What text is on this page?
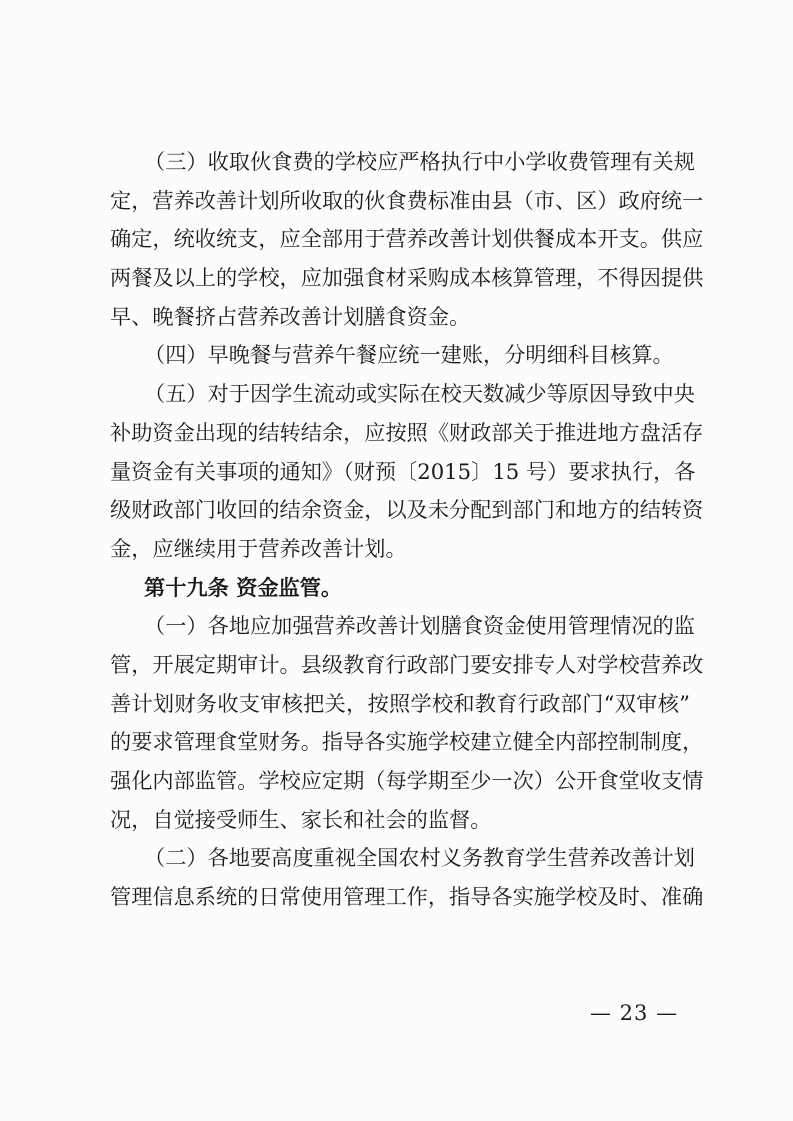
（三）收取伙食费的学校应严格执行中小学收费管理有关规
定，营养改善计划所收取的伙食费标准由县（市、区）政府统一
确定，统收统支，应全部用于营养改善计划供餐成本开支。供应
两餐及以上的学校，应加强食材采购成本核算管理，不得因提供
早、晚餐挤占营养改善计划膳食资金。
（四）早晚餐与营养午餐应统一建账，分明细科目核算。
（五）对于因学生流动或实际在校天数减少等原因导致中央
补助资金出现的结转结余，应按照《财政部关于推进地方盘活存
量资金有关事项的通知》（财预〔2015〕15 号）要求执行，各
级财政部门收回的结余资金，以及未分配到部门和地方的结转资
金，应继续用于营养改善计划。
第十九条 资金监管。
（一）各地应加强营养改善计划膳食资金使用管理情况的监
管，开展定期审计。县级教育行政部门要安排专人对学校营养改
善计划财务收支审核把关，按照学校和教育行政部门“双审核”
的要求管理食堂财务。指导各实施学校建立健全内部控制制度，
强化内部监管。学校应定期（每学期至少一次）公开食堂收支情
况，自觉接受师生、家长和社会的监督。
（二）各地要高度重视全国农村义务教育学生营养改善计划
管理信息系统的日常使用管理工作，指导各实施学校及时、准确
— 23 —
